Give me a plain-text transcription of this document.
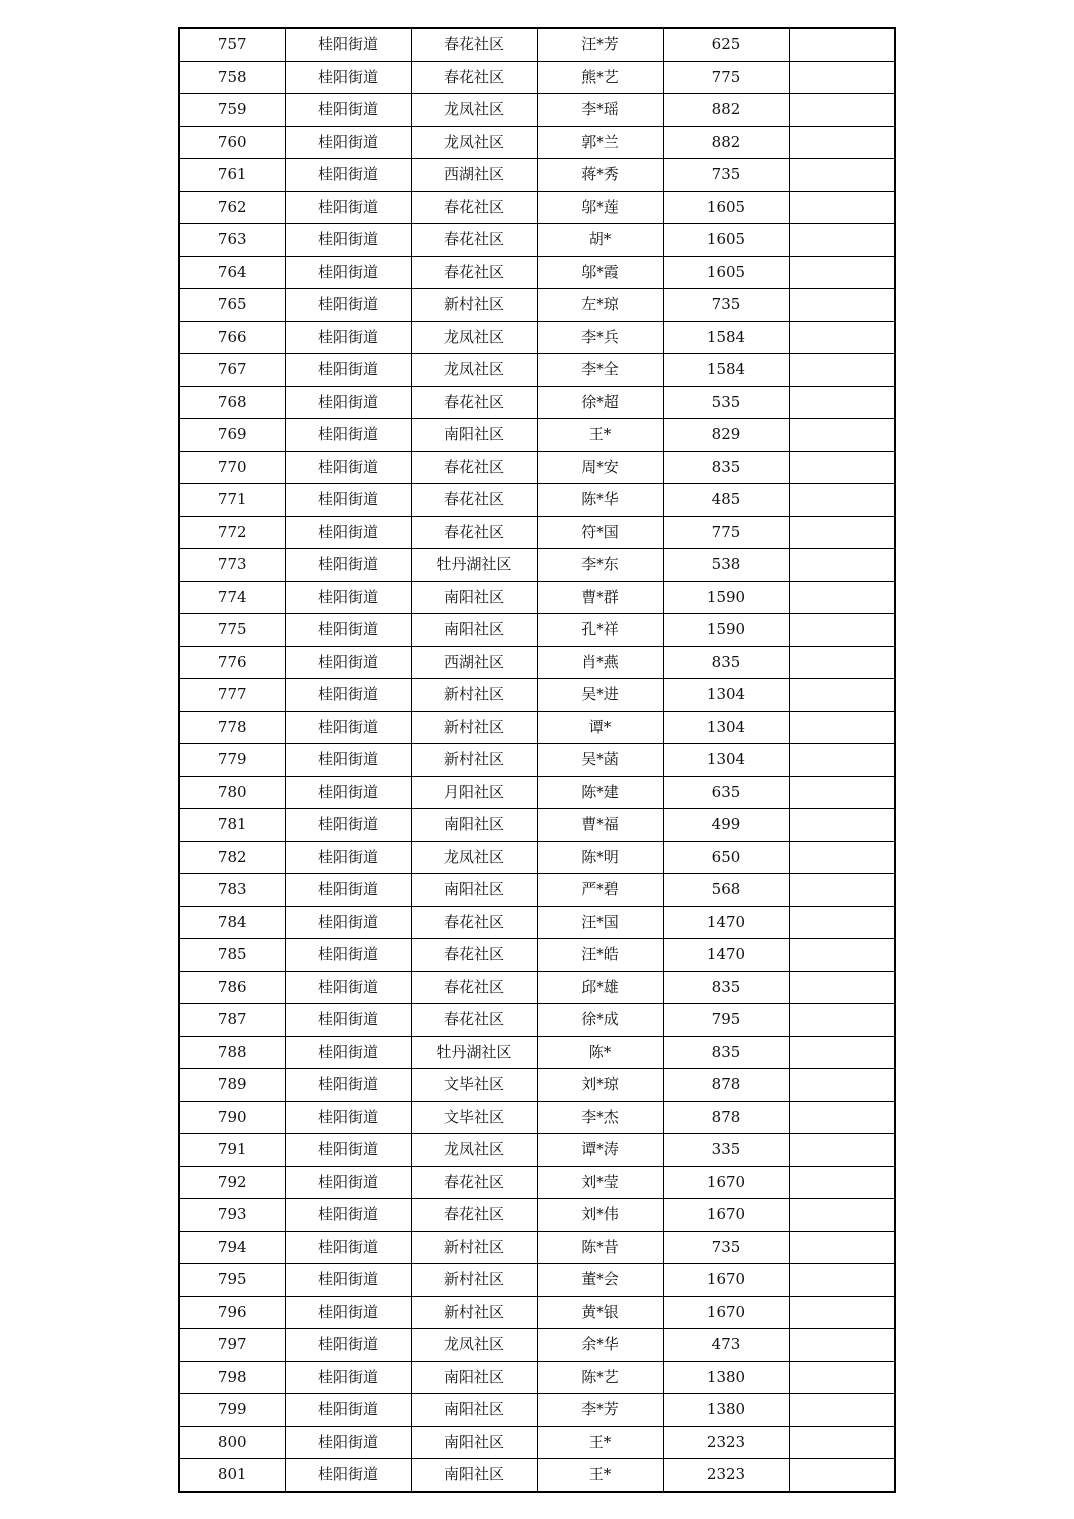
757	桂阳街道	春花社区	汪*芳	625	
758	桂阳街道	春花社区	熊*艺	775	
759	桂阳街道	龙凤社区	李*瑶	882	
760	桂阳街道	龙凤社区	郭*兰	882	
761	桂阳街道	西湖社区	蒋*秀	735	
762	桂阳街道	春花社区	邬*莲	1605	
763	桂阳街道	春花社区	胡*	1605	
764	桂阳街道	春花社区	邬*霞	1605	
765	桂阳街道	新村社区	左*琼	735	
766	桂阳街道	龙凤社区	李*兵	1584	
767	桂阳街道	龙凤社区	李*全	1584	
768	桂阳街道	春花社区	徐*超	535	
769	桂阳街道	南阳社区	王*	829	
770	桂阳街道	春花社区	周*安	835	
771	桂阳街道	春花社区	陈*华	485	
772	桂阳街道	春花社区	符*国	775	
773	桂阳街道	牡丹湖社区	李*东	538	
774	桂阳街道	南阳社区	曹*群	1590	
775	桂阳街道	南阳社区	孔*祥	1590	
776	桂阳街道	西湖社区	肖*燕	835	
777	桂阳街道	新村社区	吴*进	1304	
778	桂阳街道	新村社区	谭*	1304	
779	桂阳街道	新村社区	吴*菡	1304	
780	桂阳街道	月阳社区	陈*建	635	
781	桂阳街道	南阳社区	曹*福	499	
782	桂阳街道	龙凤社区	陈*明	650	
783	桂阳街道	南阳社区	严*碧	568	
784	桂阳街道	春花社区	汪*国	1470	
785	桂阳街道	春花社区	汪*皓	1470	
786	桂阳街道	春花社区	邱*雄	835	
787	桂阳街道	春花社区	徐*成	795	
788	桂阳街道	牡丹湖社区	陈*	835	
789	桂阳街道	文毕社区	刘*琼	878	
790	桂阳街道	文毕社区	李*杰	878	
791	桂阳街道	龙凤社区	谭*涛	335	
792	桂阳街道	春花社区	刘*莹	1670	
793	桂阳街道	春花社区	刘*伟	1670	
794	桂阳街道	新村社区	陈*昔	735	
795	桂阳街道	新村社区	董*会	1670	
796	桂阳街道	新村社区	黄*银	1670	
797	桂阳街道	龙凤社区	余*华	473	
798	桂阳街道	南阳社区	陈*艺	1380	
799	桂阳街道	南阳社区	李*芳	1380	
800	桂阳街道	南阳社区	王*	2323	
801	桂阳街道	南阳社区	王*	2323	
